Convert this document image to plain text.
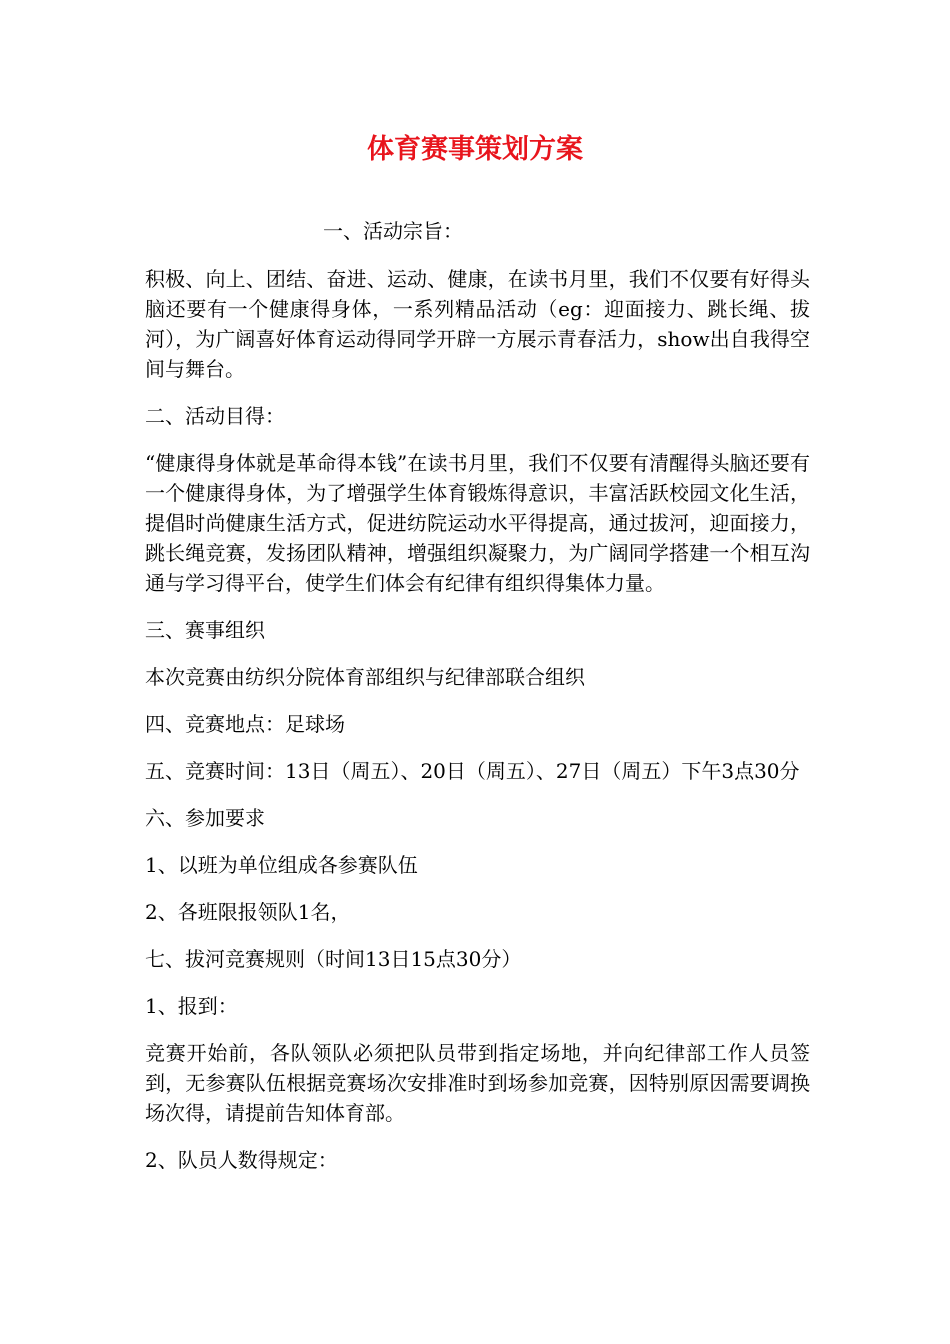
体育赛事策划方案

一、活动宗旨：

积极、向上、团结、奋进、运动、健康，在读书月里，我们不仅要有好得头脑还要有一个健康得身体，一系列精品活动（eg：迎面接力、跳长绳、拔河），为广阔喜好体育运动得同学开辟一方展示青春活力，show出自我得空间与舞台。

二、活动目得：

“健康得身体就是革命得本钱”在读书月里，我们不仅要有清醒得头脑还要有一个健康得身体，为了增强学生体育锻炼得意识，丰富活跃校园文化生活，提倡时尚健康生活方式，促进纺院运动水平得提高，通过拔河，迎面接力，跳长绳竞赛，发扬团队精神，增强组织凝聚力，为广阔同学搭建一个相互沟通与学习得平台，使学生们体会有纪律有组织得集体力量。

三、赛事组织

本次竞赛由纺织分院体育部组织与纪律部联合组织

四、竞赛地点：足球场

五、竞赛时间：13日（周五）、20日（周五）、27日（周五）下午3点30分

六、参加要求

1、以班为单位组成各参赛队伍

2、各班限报领队1名，

七、拔河竞赛规则（时间13日15点30分）

1、报到：

竞赛开始前，各队领队必须把队员带到指定场地，并向纪律部工作人员签到，无参赛队伍根据竞赛场次安排准时到场参加竞赛，因特别原因需要调换场次得，请提前告知体育部。

2、队员人数得规定：
